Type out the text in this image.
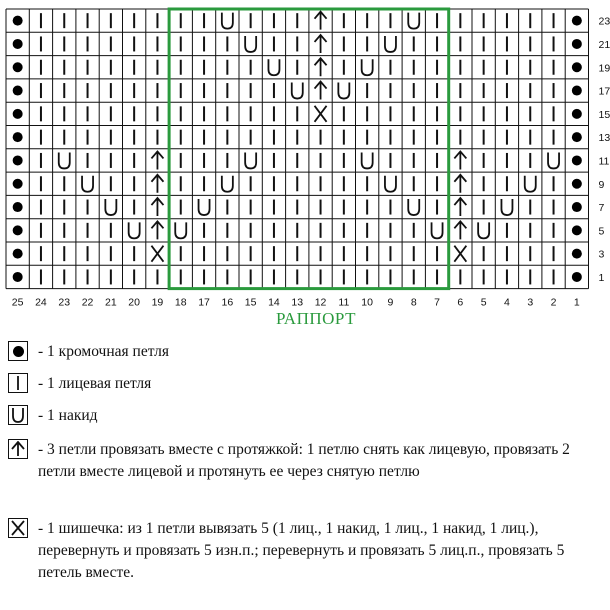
1
3
5
7
9
11
13
15
17
19
21
23
25 24 23 22 21 20 19 18 17 16 15 14 13 12 11 10 9 8 7 6 5 4 3 2 1
РАППОРТ
- 1 кромочная петля
- 1 лицевая петля
- 1 накид
- 3 петли провязать вместе с протяжкой: 1 петлю снять как лицевую, провязать 2 петли вместе лицевой и протянуть ее через снятую петлю
- 1 шишечка: из 1 петли вывязать 5 (1 лиц., 1 накид, 1 лиц., 1 накид, 1 лиц.), перевернуть и провязать 5 изн.п.; перевернуть и провязать 5 лиц.п., провязать 5 петель вместе.
